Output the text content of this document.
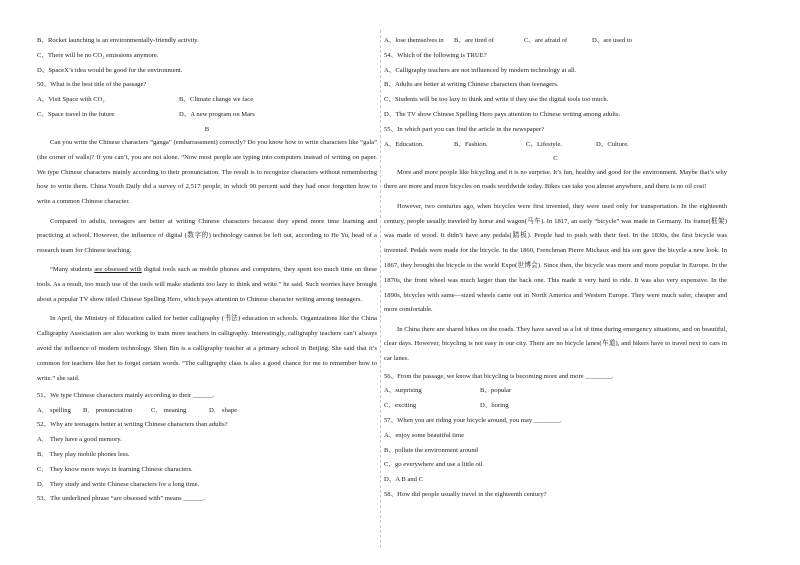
B、Rocket launching is an environmentally-friendly activity.
C、There will be no CO₂ emissions anymore.
D、SpaceX’s idea would be good for the environment.
50、What is the best title of the passage?
A、Visit Space with CO₂	B、Climate change we face
C、Space travel in the future	D、A new program on Mars
B

Can you write the Chinese characters “ganga” (embarrassment) correctly? Do you know how to write characters like “gala” (the corner of walls)? If you can’t, you are not alone. “Now most people are typing into computers instead of writing on paper. We type Chinese characters mainly according to their pronunciation. The result is to recognize characters without remembering how to write them. China Youth Daily did a survey of 2,517 people, in which 90 percent said they had once forgotten how to write a common Chinese character.

Compared to adults, teenagers are better at writing Chinese characters because they spend more time learning and practicing at school. However, the influence of digital (数字的) technology cannot be left out, according to He Yu, head of a research team for Chinese teaching.

“Many students are obsessed with digital tools such as mobile phones and computers, they spent too much time on these tools. As a result, too much use of the tools will make students too lazy to think and write.” he said. Such worries have brought about a popular TV show titled Chinese Spelling Hero, which pays attention to Chinese character writing among teenagers.

In April, the Ministry of Education called for better calligraphy (书法) education in schools. Organizations like the China Calligraphy Association are also working to train more teachers in calligraphy. Interestingly, calligraphy teachers can’t always avoid the influence of modern technology. Shen Bin is a calligraphy teacher at a primary school in Beijing. She said that it’s common for teachers like her to forget certain words. “The calligraphy class is also a good chance for me to remember how to write.” she said.

51、We type Chinese characters mainly according to their ______.
A． spelling	B． pronunciation	C． meaning	D． shape
52、Why are teenagers better at writing Chinese characters than adults?
A． They have a good memory.
B． They play mobile phones less.
C． They know more ways in learning Chinese characters.
D． They study and write Chinese characters for a long time.
53、The underlined phrase “are obsessed with” means ______.
A、lose themselves in	B、are tired of	C、are afraid of	D、are used to
54、Which of the following is TRUE?
A、Calligraphy teachers are not influenced by modern technology at all.
B、Adults are better at writing Chinese characters than teenagers.
C、Students will be too lazy to think and write if they use the digital tools too much.
D、The TV show Chinese Spelling Hero pays attention to Chinese writing among adults.
55、In which part you can find the article in the newspaper?
A、Education.	B、Fashion.	C、Lifestyle.	D、Culture.
C

More and more people like bicycling and it is no surprise. It’s fun, healthy and good for the environment. Maybe that’s why there are more and more bicycles on roads worldwide today. Bikes can take you almost anywhere, and there is no oil cost!

However, two centuries ago, when bicycles were first invented, they were used only for transportation. In the eighteenth century, people usually traveled by horse and wagon(马车). In 1817, an early “bicycle” was made in Germany. Its frame(框架) was made of wood. It didn’t have any pedals(踏板). People had to push with their feet. In the 1830s, the first bicycle was invented. Pedals were made for the bicycle. In the 1860, Frenchman Pierre Michaux and his son gave the bicycle a new look. In 1867, they brought the bicycle to the world Expo(世博会). Since then, the bicycle was more and more popular in Europe. In the 1870s, the front wheel was much larger than the back one. This made it very hard to ride. It was also very expensive. In the 1890s, bicycles with same—sized wheels came out in North America and Western Europe. They were much safer, cheaper and more comfortable.

In China there are shared bikes on the roads. They have saved us a lot of time during emergency situations, and on beautiful, clear days. However, bicycling is not easy in our city. There are no bicycle lanes(车道), and bikers have to travel next to cars in car lanes.

56、From the passage, we know that bicycling is becoming more and more ________.
A、surprising	B、popular
C、exciting	D、boring
57、When you are riding your bicycle around, you may ________.
A、enjoy some beautiful time
B、pollute the environment around
C、go everywhere and use a little oil
D、A B and C
58、How did people usually travel in the eighteenth century?
